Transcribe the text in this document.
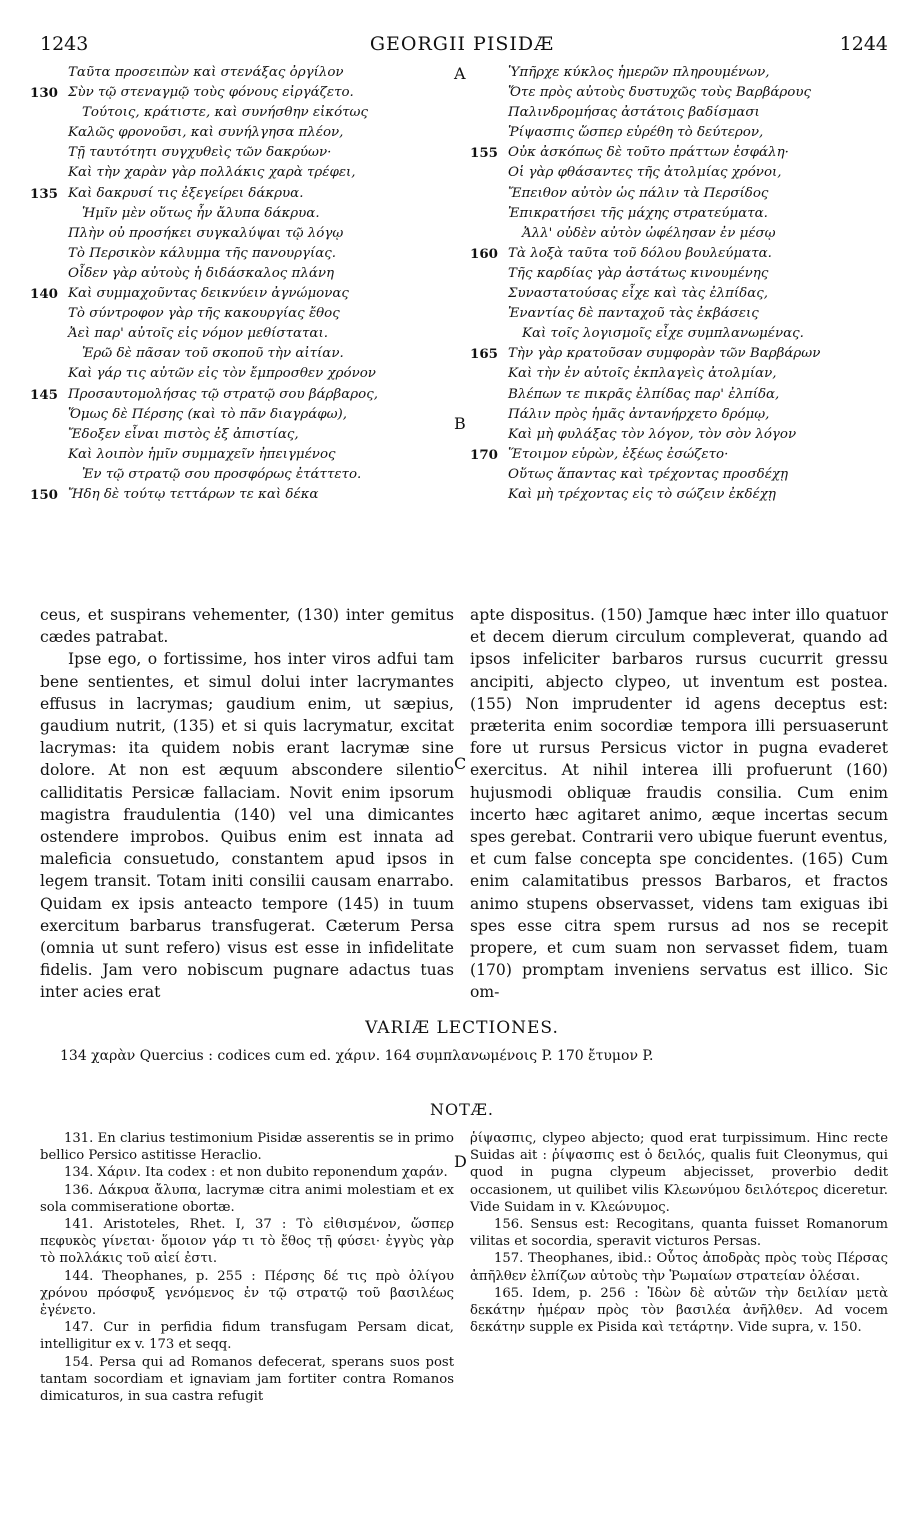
1243	GEORGII PISIDÆ	1244
Ταῦτα προσειπὼν καὶ στενάξας ὀργίλον
130 Σὺν τῷ στεναγμῷ τοὺς φόνους εἰργάζετο.
Τούτοις, κράτιστε, καὶ συνήσθην εἰκότως
Καλῶς φρονοῦσι, καὶ συνήλγησα πλέον,
Τῇ ταυτότητι συγχυθεὶς τῶν δακρύων·
Καὶ τὴν χαρὰν γὰρ πολλάκις χαρὰ τρέφει,
135 Καὶ δακρυσί τις ἐξεγείρει δάκρυα.
Ἡμῖν μὲν οὕτως ἦν ἄλυπα δάκρυα.
Πλὴν οὐ προσήκει συγκαλύψαι τῷ λόγῳ
Τὸ Περσικὸν κάλυμμα τῆς πανουργίας.
Οἶδεν γὰρ αὐτοὺς ἡ διδάσκαλος πλάνη
140 Καὶ συμμαχοῦντας δεικνύειν ἀγνώμονας
Τὸ σύντροφον γὰρ τῆς κακουργίας ἔθος
Ἀεὶ παρ' αὐτοῖς εἰς νόμον μεθίσταται.
Ἐρῶ δὲ πᾶσαν τοῦ σκοποῦ τὴν αἰτίαν.
Καὶ γάρ τις αὐτῶν εἰς τὸν ἔμπροσθεν χρόνον
145 Προσαυτομολήσας τῷ στρατῷ σου βάρβαρος,
Ὅμως δὲ Πέρσης (καὶ τὸ πᾶν διαγράφω),
Ἔδοξεν εἶναι πιστὸς ἐξ ἀπιστίας,
Καὶ λοιπὸν ἡμῖν συμμαχεῖν ἠπειγμένος
Ἐν τῷ στρατῷ σου προσφόρως ἐτάττετο.
150 Ἤδη δὲ τούτῳ τεττάρων τε καὶ δέκα
Ὑπῆρχε κύκλος ἡμερῶν πληρουμένων,
Ὅτε πρὸς αὐτοὺς δυστυχῶς τοὺς Βαρβάρους
Παλινδρομήσας ἀστάτοις βαδίσμασι
Ῥίψασπις ὥσπερ εὑρέθη τὸ δεύτερον,
155 Οὐκ ἀσκόπως δὲ τοῦτο πράττων ἐσφάλη·
Οἱ γὰρ φθάσαντες τῆς ἀτολμίας χρόνοι,
Ἔπειθον αὐτὸν ὡς πάλιν τὰ Περσίδος
Ἐπικρατήσει τῆς μάχης στρατεύματα.
Ἀλλ' οὐδὲν αὐτὸν ὠφέλησαν ἐν μέσῳ
160 Τὰ λοξὰ ταῦτα τοῦ δόλου βουλεύματα.
Τῆς καρδίας γὰρ ἀστάτως κινουμένης
Συναστατούσας εἶχε καὶ τὰς ἐλπίδας,
Ἐναντίας δὲ πανταχοῦ τὰς ἐκβάσεις
Καὶ τοῖς λογισμοῖς εἶχε συμπλανωμένας.
165 Τὴν γὰρ κρατοῦσαν συμφορὰν τῶν Βαρβάρων
Καὶ τὴν ἐν αὐτοῖς ἐκπλαγεὶς ἀτολμίαν,
Βλέπων τε πικρᾶς ἐλπίδας παρ' ἐλπίδα,
Πάλιν πρὸς ἡμᾶς ἀντανήρχετο δρόμῳ,
Καὶ μὴ φυλάξας τὸν λόγον, τὸν σὸν λόγον
170 Ἕτοιμον εὑρὼν, ἐξέως ἐσώζετο·
Οὕτως ἅπαντας καὶ τρέχοντας προσδέχῃ
Καὶ μὴ τρέχοντας εἰς τὸ σώζειν ἐκδέχῃ
A
B
C
D

ceus, et suspirans vehementer, (130) inter gemitus cædes patrabat.

Ipse ego, o fortissime, hos inter viros adfui tam bene sentientes, et simul dolui inter lacrymantes effusus in lacrymas; gaudium enim, ut sæpius, gaudium nutrit, (135) et si quis lacrymatur, excitat lacrymas: ita quidem nobis erant lacrymæ sine dolore. At non est æquum abscondere silentio calliditatis Persicæ fallaciam. Novit enim ipsorum magistra fraudulentia (140) vel una dimicantes ostendere improbos. Quibus enim est innata ad maleficia consuetudo, constantem apud ipsos in legem transit. Totam initi consilii causam enarrabo. Quidam ex ipsis anteacto tempore (145) in tuum exercitum barbarus transfugerat. Cæterum Persa (omnia ut sunt refero) visus est esse in infidelitate fidelis. Jam vero nobiscum pugnare adactus tuas inter acies erat

apte dispositus. (150) Jamque hæc inter illo quatuor et decem dierum circulum compleverat, quando ad ipsos infeliciter barbaros rursus cucurrit gressu ancipiti, abjecto clypeo, ut inventum est postea. (155) Non imprudenter id agens deceptus est: præterita enim socordiæ tempora illi persuaserunt fore ut rursus Persicus victor in pugna evaderet exercitus. At nihil interea illi profuerunt (160) hujusmodi obliquæ fraudis consilia. Cum enim incerto hæc agitaret animo, æque incertas secum spes gerebat. Contrarii vero ubique fuerunt eventus, et cum false concepta spe concidentes. (165) Cum enim calamitatibus pressos Barbaros, et fractos animo stupens observasset, videns tam exiguas ibi spes esse citra spem rursus ad nos se recepit propere, et cum suam non servasset fidem, tuam (170) promptam inveniens servatus est illico. Sic om-

VARIÆ LECTIONES.
134 χαρὰν Quercius : codices cum ed. χάριν. 164 συμπλανωμένοις P. 170 ἔτυμον P.
NOTÆ.

131. En clarius testimonium Pisidæ asserentis se in primo bellico Persico astitisse Heraclio.

134. Χάριν. Ita codex : et non dubito reponendum χαράν.

136. Δάκρυα ἄλυπα, lacrymæ citra animi molestiam et ex sola commiseratione obortæ.

141. Aristoteles, Rhet. I, 37 : Τὸ εἰθισμένον, ὥσπερ πεφυκὸς γίνεται· ὅμοιον γάρ τι τὸ ἔθος τῇ φύσει· ἐγγὺς γὰρ τὸ πολλάκις τοῦ αἰεί ἐστι.

144. Theophanes, p. 255 : Πέρσης δέ τις πρὸ ὀλίγου χρόνου πρόσφυξ γενόμενος ἐν τῷ στρατῷ τοῦ βασιλέως ἐγένετο.

147. Cur in perfidia fidum transfugam Persam dicat, intelligitur ex v. 173 et seqq.

154. Persa qui ad Romanos defecerat, sperans suos post tantam socordiam et ignaviam jam fortiter contra Romanos dimicaturos, in sua castra refugit

ῥίψασπις, clypeo abjecto; quod erat turpissimum. Hinc recte Suidas ait : ῥίψασπις est ὁ δειλός, qualis fuit Cleonymus, qui quod in pugna clypeum abjecisset, proverbio dedit occasionem, ut quilibet vilis Κλεωνύμου δειλότερος diceretur. Vide Suidam in v. Κλεώνυμος.

156. Sensus est: Recogitans, quanta fuisset Romanorum vilitas et socordia, speravit victuros Persas.

157. Theophanes, ibid.: Οὗτος ἀποδρὰς πρὸς τοὺς Πέρσας ἀπῆλθεν ἐλπίζων αὐτοὺς τὴν Ῥωμαίων στρατείαν ὀλέσαι.

165. Idem, p. 256 : Ἰδὼν δὲ αὐτῶν τὴν δειλίαν μετὰ δεκάτην ἡμέραν πρὸς τὸν βασιλέα ἀνῆλθεν. Ad vocem δεκάτην supple ex Pisida καὶ τετάρτην. Vide supra, v. 150.
